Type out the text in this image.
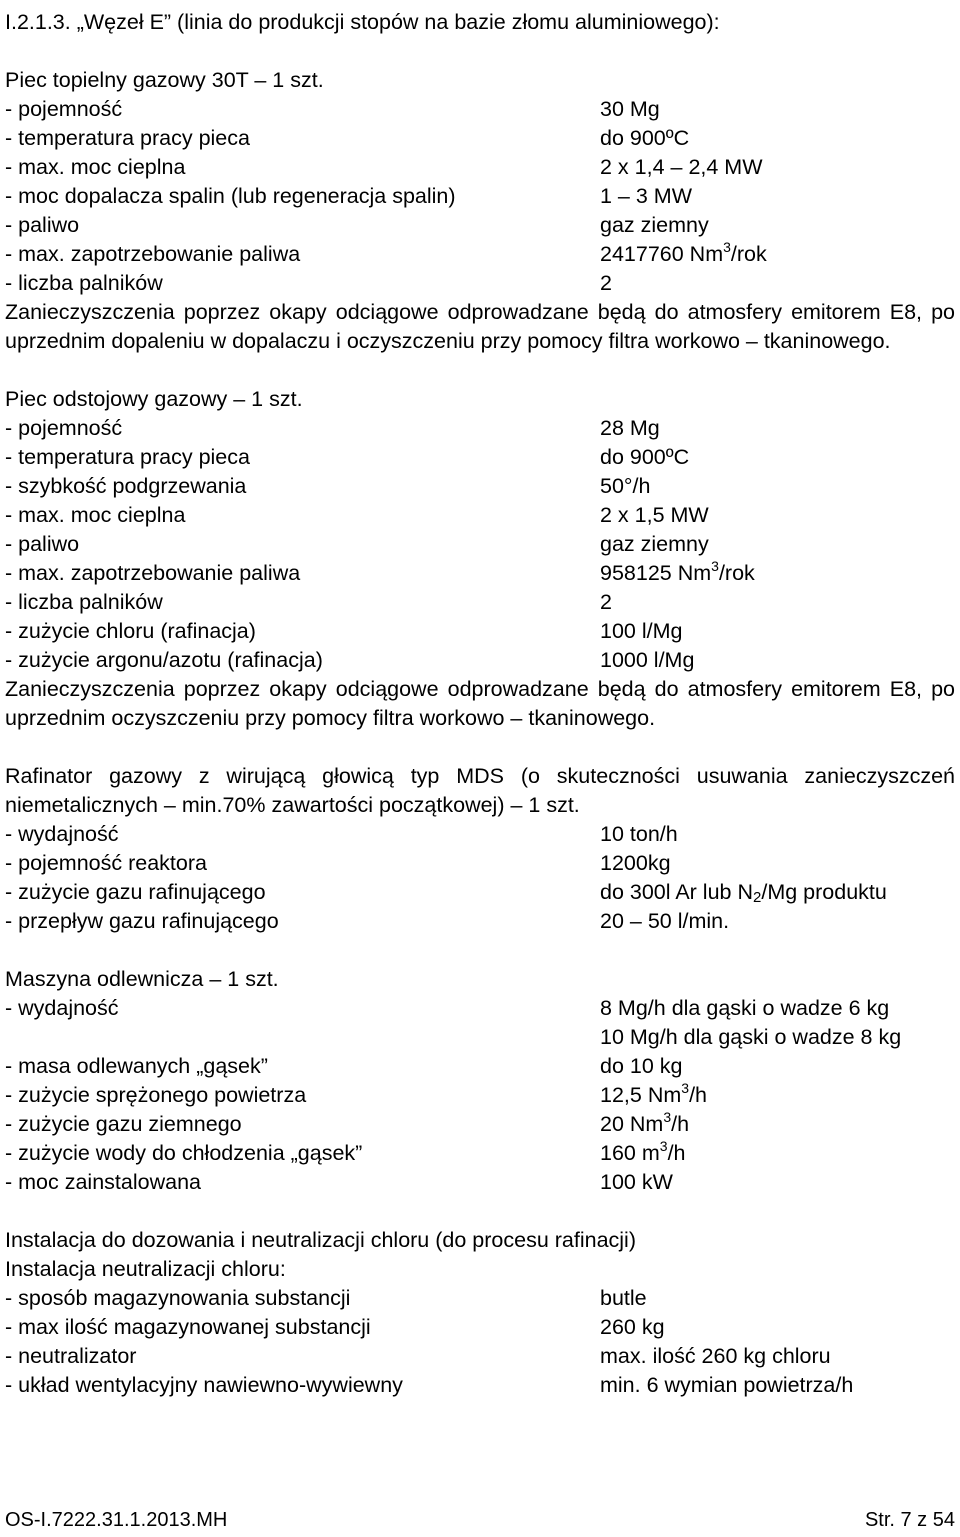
I.2.1.3. „Węzeł E” (linia do produkcji stopów na bazie złomu aluminiowego):
Piec topielny gazowy 30T – 1 szt.
- pojemność	30 Mg
- temperatura pracy pieca	do 900ºC
- max. moc cieplna	2 x 1,4 – 2,4 MW
- moc dopalacza spalin (lub regeneracja spalin)	1 – 3 MW
- paliwo	gaz ziemny
- max. zapotrzebowanie paliwa	2417760 Nm$^3$/rok
- liczba palników	2
Zanieczyszczenia poprzez okapy odciągowe odprowadzane będą do atmosfery emitorem E8, po uprzednim dopaleniu w dopalaczu i oczyszczeniu przy pomocy filtra workowo – tkaninowego.
Piec odstojowy gazowy – 1 szt.
- pojemność	28 Mg
- temperatura pracy pieca	do 900ºC
- szybkość podgrzewania	50°/h
- max. moc cieplna	2 x 1,5 MW
- paliwo	gaz ziemny
- max. zapotrzebowanie paliwa	958125 Nm$^3$/rok
- liczba palników	2
- zużycie chloru (rafinacja)	100 l/Mg
- zużycie argonu/azotu (rafinacja)	1000 l/Mg
Zanieczyszczenia poprzez okapy odciągowe odprowadzane będą do atmosfery emitorem E8, po uprzednim oczyszczeniu przy pomocy filtra workowo – tkaninowego.
Rafinator gazowy z wirującą głowicą typ MDS (o skuteczności usuwania zanieczyszczeń niemetalicznych – min.70% zawartości początkowej) – 1 szt.
- wydajność	10 ton/h
- pojemność reaktora	1200kg
- zużycie gazu rafinującego	do 300l Ar lub $N_2/Mg$ produktu
- przepływ gazu rafinującego	20 – 50 l/min.
Maszyna odlewnicza – 1 szt.
- wydajność	8 Mg/h dla gąski o wadze 6 kg
10 Mg/h dla gąski o wadze 8 kg
- masa odlewanych „gąsek”	do 10 kg
- zużycie sprężonego powietrza	12,5 Nm$^3$/h
- zużycie gazu ziemnego	20 Nm$^3$/h
- zużycie wody do chłodzenia „gąsek”	160 $m^3/h$
- moc zainstalowana	100 kW
Instalacja do dozowania i neutralizacji chloru (do procesu rafinacji)
Instalacja neutralizacji chloru:
- sposób magazynowania substancji	butle
- max ilość magazynowanej substancji	260 kg
- neutralizator	max. ilość 260 kg chloru
- układ wentylacyjny nawiewno-wywiewny	min. 6 wymian powietrza/h
OS-I.7222.31.1.2013.MH	Str. 7 z 54
